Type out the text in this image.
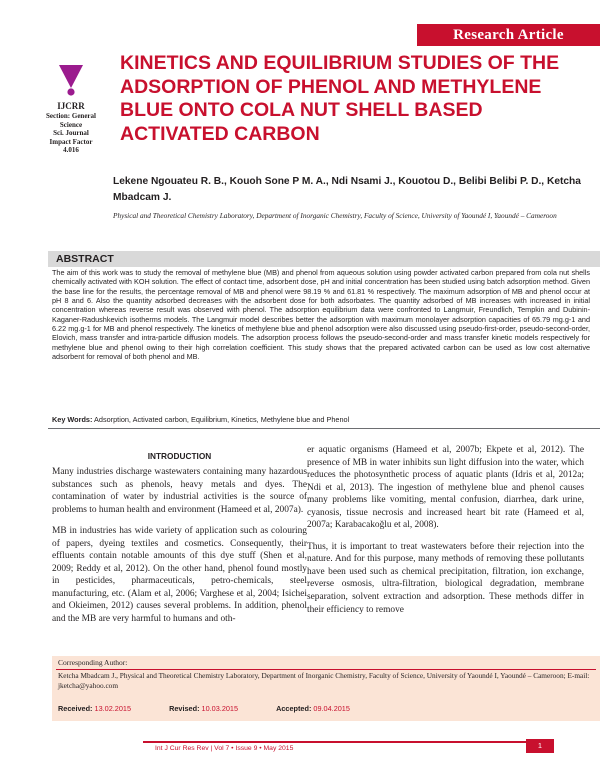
Research Article
IJCRR
Section: General Science
Sci. Journal
Impact Factor
4.016
KINETICS AND EQUILIBRIUM STUDIES OF THE ADSORPTION OF PHENOL AND METHYLENE BLUE ONTO COLA NUT SHELL BASED ACTIVATED CARBON
Lekene Ngouateu R. B., Kouoh Sone P M. A., Ndi Nsami J., Kouotou D., Belibi Belibi P. D., Ketcha Mbadcam J.
Physical and Theoretical Chemistry Laboratory, Department of Inorganic Chemistry, Faculty of Science, University of Yaoundé I, Yaoundé – Cameroon
ABSTRACT

The aim of this work was to study the removal of methylene blue (MB) and phenol from aqueous solution using powder activated carbon prepared from cola nut shells chemically activated with KOH solution. The effect of contact time, adsorbent dose, pH and initial concentration has been studied using batch adsorption method. Given the base line for the results, the percentage removal of MB and phenol were 98.19 % and 61.81 % respectively. The maximum adsorption of MB and phenol occur at pH 8 and 6. Also the quantity adsorbed decreases with the adsorbent dose for both adsorbates. The quantity adsorbed of MB increases with increased in initial concentration whereas reverse result was observed with phenol. The adsorption equilibrium data were confronted to Langmuir, Freundlich, Tempkin and Dubinin-Kaganer-Radushkevich isotherms models. The Langmuir model describes better the adsorption with maximum monolayer adsorption capacities of 65.79 mg.g-1 and 6.22 mg.g-1 for MB and phenol respectively. The kinetics of methylene blue and phenol adsorption were also discussed using pseudo-first-order, pseudo-second-order, Elovich, mass transfer and intra-particle diffusion models. The adsorption process follows the pseudo-second-order and mass transfer kinetic models respectively for methylene blue and phenol owing to their high correlation coefficient. This study shows that the prepared activated carbon can be used as low cost alternative adsorbent for removal of both phenol and MB.

Key Words: Adsorption, Activated carbon, Equilibrium, Kinetics, Methylene blue and Phenol
INTRODUCTION

Many industries discharge wastewaters containing many hazardous substances such as phenols, heavy metals and dyes. The contamination of water by industrial activities is the source of problems to human health and environment (Hameed et al, 2007a).

MB in industries has wide variety of application such as colouring of papers, dyeing textiles and cosmetics. Consequently, their effluents contain notable amounts of this dye stuff (Shen et al, 2009; Reddy et al, 2012). On the other hand, phenol found mostly in pesticides, pharmaceuticals, petro-chemicals, steel manufacturing, etc. (Alam et al, 2006; Varghese et al, 2004; Isichei and Okieimen, 2012) causes several problems. In addition, phenol and the MB are very harmful to humans and oth-

er aquatic organisms (Hameed et al, 2007b; Ekpete et al, 2012). The presence of MB in water inhibits sun light diffusion into the water, which reduces the photosynthetic process of aquatic plants (Idris et al, 2012a; Ndi et al, 2013). The ingestion of methylene blue and phenol causes many problems like vomiting, mental confusion, diarrhea, dark urine, cyanosis, tissue necrosis and increased heart bit rate (Hameed et al, 2007a; Karabacakoğlu et al, 2008).

Thus, it is important to treat wastewaters before their rejection into the nature. And for this purpose, many methods of removing these pollutants have been used such as chemical precipitation, filtration, ion exchange, reverse osmosis, ultra-filtration, biological degradation, membrane separation, solvent extraction and adsorption. These methods differ in their efficiency to remove

Corresponding Author:
Ketcha Mbadcam J., Physical and Theoretical Chemistry Laboratory, Department of Inorganic Chemistry, Faculty of Science, University of Yaoundé I, Yaoundé – Cameroon; E-mail: jketcha@yahoo.com
Received: 13.02.2015	Revised: 10.03.2015	Accepted: 09.04.2015
Int J Cur Res Rev | Vol 7 • Issue 9 • May 2015	1
